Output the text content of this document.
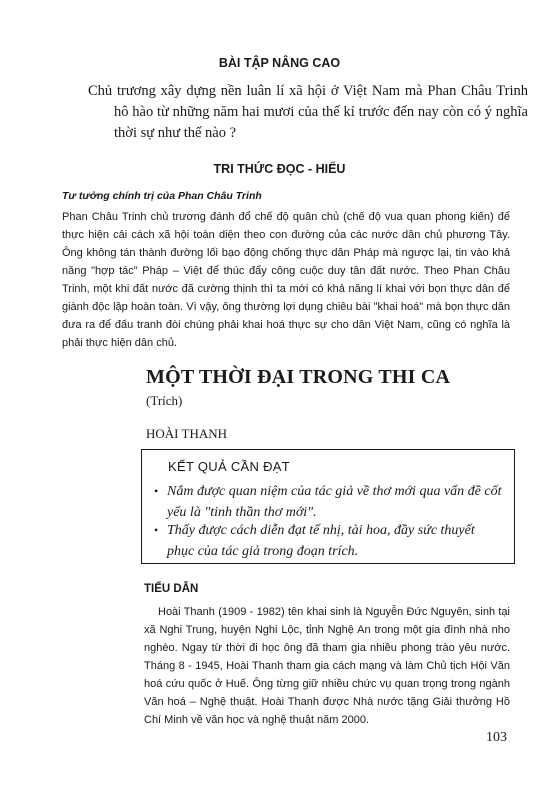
BÀI TẬP NÂNG CAO
Chủ trương xây dựng nền luân lí xã hội ở Việt Nam mà Phan Châu Trinh hô hào từ những năm hai mươi của thế kỉ trước đến nay còn có ý nghĩa thời sự như thế nào ?
TRI THỨC ĐỌC - HIỂU
Tư tưởng chính trị của Phan Châu Trinh
Phan Châu Trinh chủ trương đánh đổ chế độ quân chủ (chế độ vua quan phong kiến) để thực hiện cải cách xã hội toàn diện theo con đường của các nước dân chủ phương Tây. Ông không tán thành đường lối bạo động chống thực dân Pháp mà ngược lại, tin vào khả năng "hợp tác" Pháp – Việt để thúc đẩy công cuộc duy tân đất nước. Theo Phan Châu Trinh, một khi đất nước đã cường thịnh thì ta mới có khả năng lí khai với bọn thực dân để giành độc lập hoàn toàn. Vì vậy, ông thường lợi dụng chiêu bài "khai hoá" mà bọn thực dân đưa ra để đấu tranh đòi chúng phải khai hoá thực sự cho dân Việt Nam, cũng có nghĩa là phải thực hiện dân chủ.
MỘT THỜI ĐẠI TRONG THI CA
(Trích)
HOÀI THANH
KẾT QUẢ CẦN ĐẠT
• Nắm được quan niệm của tác giả về thơ mới qua vấn đề cốt yếu là "tinh thần thơ mới".
• Thấy được cách diễn đạt tế nhị, tài hoa, đầy sức thuyết phục của tác giả trong đoạn trích.
TIỂU DẪN
Hoài Thanh (1909 - 1982) tên khai sinh là Nguyễn Đức Nguyên, sinh tại xã Nghi Trung, huyện Nghi Lộc, tỉnh Nghệ An trong một gia đình nhà nho nghèo. Ngay từ thời đi học ông đã tham gia nhiều phong trào yêu nước. Tháng 8 - 1945, Hoài Thanh tham gia cách mạng và làm Chủ tịch Hội Văn hoá cứu quốc ở Huế. Ông từng giữ nhiều chức vụ quan trọng trong ngành Văn hoá – Nghệ thuật. Hoài Thanh được Nhà nước tặng Giải thưởng Hồ Chí Minh về văn học và nghệ thuật năm 2000.
103
